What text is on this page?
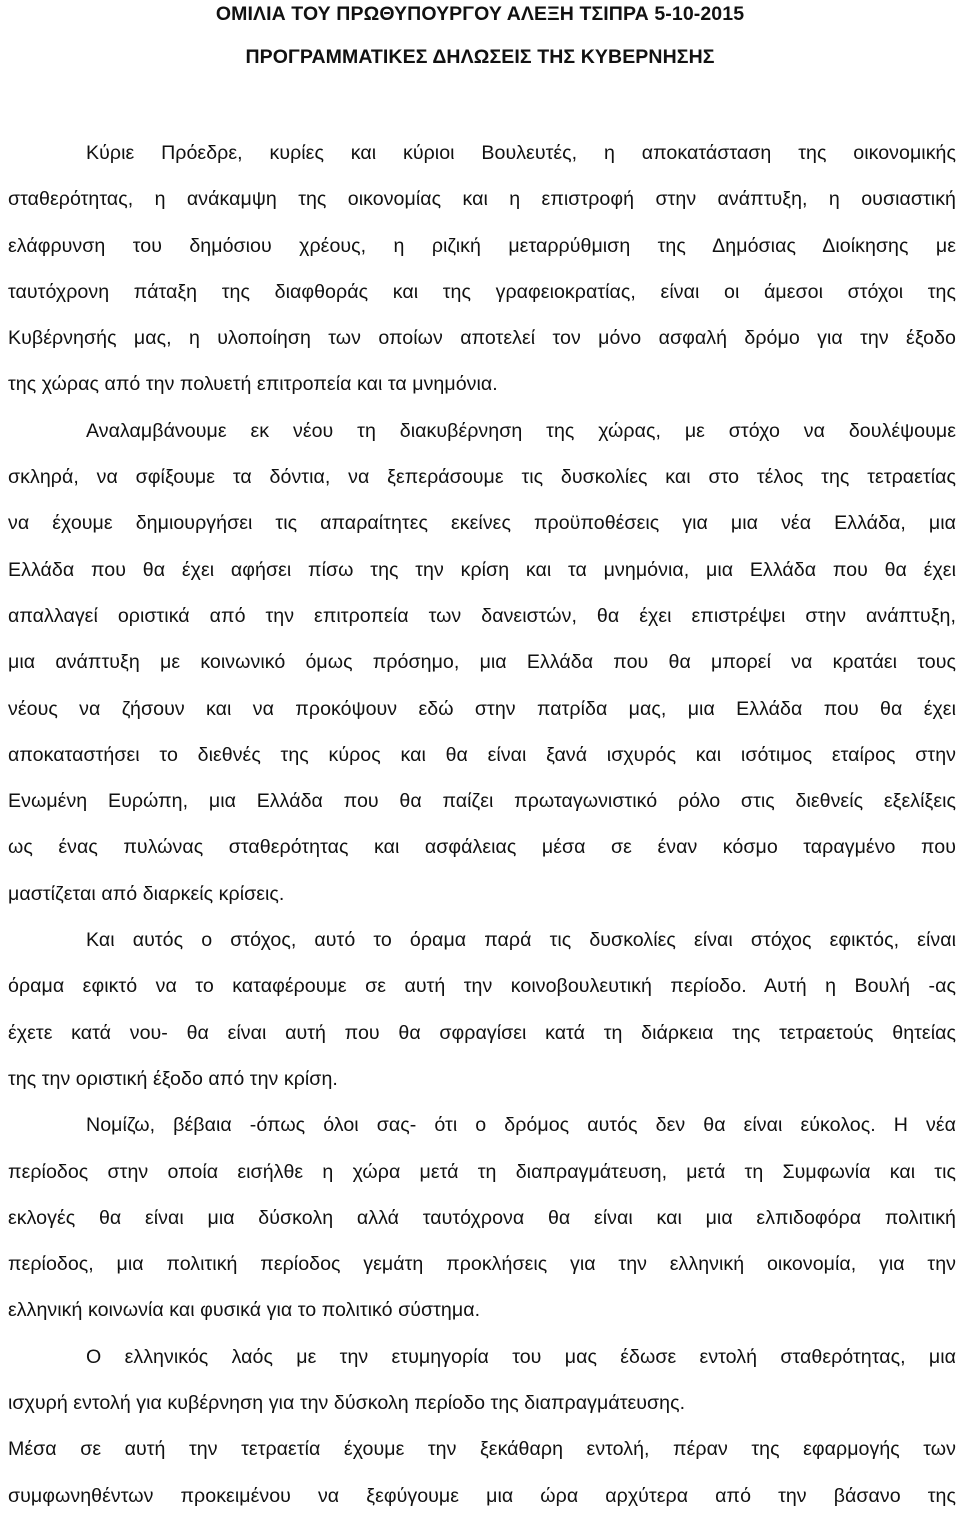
ΟΜΙΛΙΑ ΤΟΥ ΠΡΩΘΥΠΟΥΡΓΟΥ ΑΛΕΞΗ ΤΣΙΠΡΑ 5-10-2015
ΠΡΟΓΡΑΜΜΑΤΙΚΕΣ ΔΗΛΩΣΕΙΣ ΤΗΣ ΚΥΒΕΡΝΗΣΗΣ
Κύριε Πρόεδρε, κυρίες και κύριοι Βουλευτές, η αποκατάσταση της οικονομικής
σταθερότητας, η ανάκαμψη της οικονομίας και η επιστροφή στην ανάπτυξη, η ουσιαστική
ελάφρυνση του δημόσιου χρέους, η ριζική μεταρρύθμιση της Δημόσιας Διοίκησης με
ταυτόχρονη πάταξη της διαφθοράς και της γραφειοκρατίας, είναι οι άμεσοι στόχοι της
Κυβέρνησής μας, η υλοποίηση των οποίων αποτελεί τον μόνο ασφαλή δρόμο για την έξοδο
της χώρας από την πολυετή επιτροπεία και τα μνημόνια.
Αναλαμβάνουμε εκ νέου τη διακυβέρνηση της χώρας, με στόχο να δουλέψουμε
σκληρά, να σφίξουμε τα δόντια, να ξεπεράσουμε τις δυσκολίες και στο τέλος της τετραετίας
να έχουμε δημιουργήσει τις απαραίτητες εκείνες προϋποθέσεις για μια νέα Ελλάδα, μια
Ελλάδα που θα έχει αφήσει πίσω της την κρίση και τα μνημόνια, μια Ελλάδα που θα έχει
απαλλαγεί οριστικά από την επιτροπεία των δανειστών, θα έχει επιστρέψει στην ανάπτυξη,
μια ανάπτυξη με κοινωνικό όμως πρόσημο, μια Ελλάδα που θα μπορεί να κρατάει τους
νέους να ζήσουν και να προκόψουν εδώ στην πατρίδα μας, μια Ελλάδα που θα έχει
αποκαταστήσει το διεθνές της κύρος και θα είναι ξανά ισχυρός και ισότιμος εταίρος στην
Ενωμένη Ευρώπη, μια Ελλάδα που θα παίζει πρωταγωνιστικό ρόλο στις διεθνείς εξελίξεις
ως ένας πυλώνας σταθερότητας και ασφάλειας μέσα σε έναν κόσμο ταραγμένο που
μαστίζεται από διαρκείς κρίσεις.
Και αυτός ο στόχος, αυτό το όραμα παρά τις δυσκολίες είναι στόχος εφικτός, είναι
όραμα εφικτό να το καταφέρουμε σε αυτή την κοινοβουλευτική περίοδο. Αυτή η Βουλή -ας
έχετε κατά νου- θα είναι αυτή που θα σφραγίσει κατά τη διάρκεια της τετραετούς θητείας
της την οριστική έξοδο από την κρίση.
Νομίζω, βέβαια -όπως όλοι σας- ότι ο δρόμος αυτός δεν θα είναι εύκολος. Η νέα
περίοδος στην οποία εισήλθε η χώρα μετά τη διαπραγμάτευση, μετά τη Συμφωνία και τις
εκλογές θα είναι μια δύσκολη αλλά ταυτόχρονα θα είναι και μια ελπιδοφόρα πολιτική
περίοδος, μια πολιτική περίοδος γεμάτη προκλήσεις για την ελληνική οικονομία, για την
ελληνική κοινωνία και φυσικά για το πολιτικό σύστημα.
Ο ελληνικός λαός με την ετυμηγορία του μας έδωσε εντολή σταθερότητας, μια
ισχυρή εντολή για κυβέρνηση για την δύσκολη περίοδο της διαπραγμάτευσης.
Μέσα σε αυτή την τετραετία έχουμε την ξεκάθαρη εντολή, πέραν της εφαρμογής των
συμφωνηθέντων προκειμένου να ξεφύγουμε μια ώρα αρχύτερα από την βάσανο της
